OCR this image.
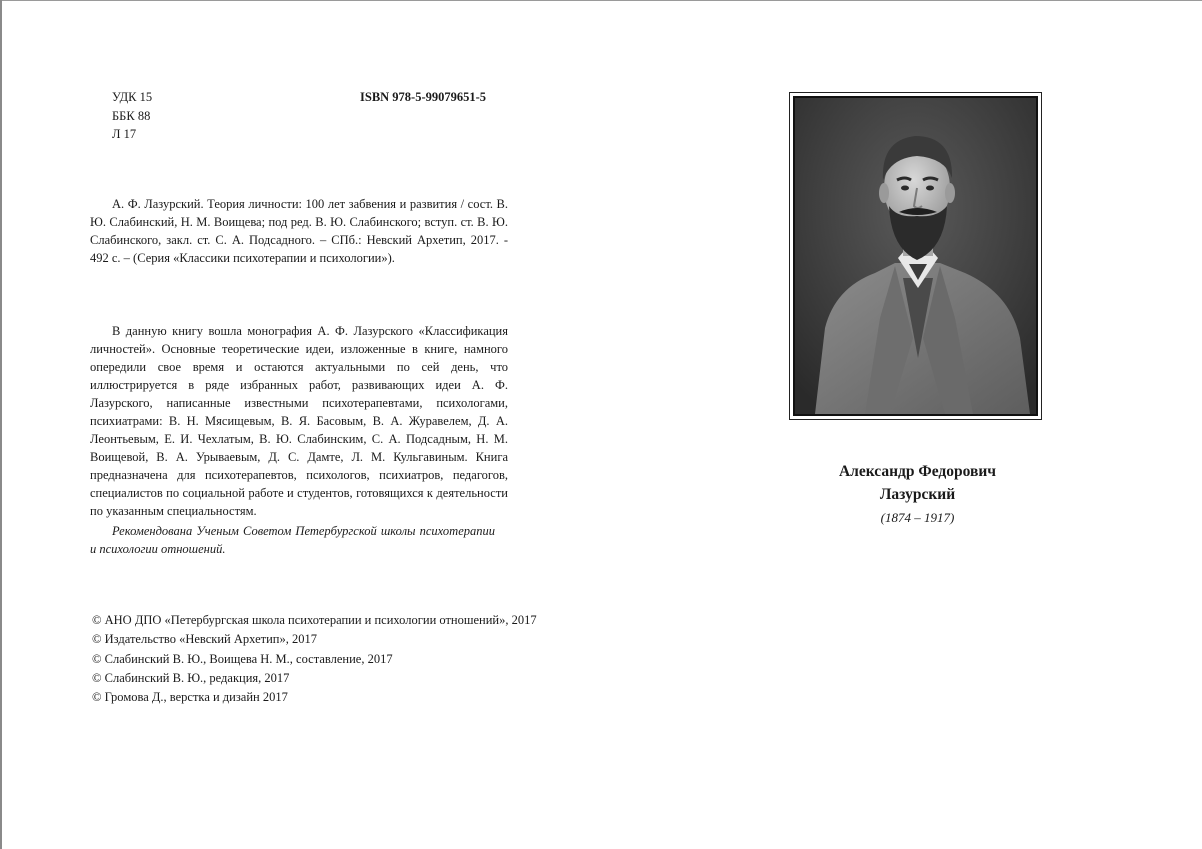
УДК 15
ББК 88
Л 17
ISBN 978-5-99079651-5

А. Ф. Лазурский. Теория личности: 100 лет забвения и развития / сост. В. Ю. Слабинский, Н. М. Воищева; под ред. В. Ю. Слабинского; вступ. ст. В. Ю. Слабинского, закл. ст. С. А. Подсадного. – СПб.: Невский Архетип, 2017. - 492 с. – (Серия «Классики психотерапии и психологии»).

В данную книгу вошла монография А. Ф. Лазурского «Классификация личностей». Основные теоретические идеи, изложенные в книге, намного опередили свое время и остаются актуальными по сей день, что иллюстрируется в ряде избранных работ, развивающих идеи А. Ф. Лазурского, написанные известными психотерапевтами, психологами, психиатрами: В. Н. Мясищевым, В. Я. Басовым, В. А. Журавелем, Д. А. Леонтьевым, Е. И. Чехлатым, В. Ю. Слабинским, С. А. Подсадным, Н. М. Воищевой, В. А. Урываевым, Д. С. Дамте, Л. М. Кульгавиным. Книга предназначена для психотерапевтов, психологов, психиатров, педагогов, специалистов по социальной работе и студентов, готовящихся к деятельности по указанным специальностям.

Рекомендована Ученым Советом Петербургской школы психотерапии и психологии отношений.

© АНО ДПО «Петербургская школа психотерапии и психологии отношений», 2017
© Издательство «Невский Архетип», 2017
© Слабинский В. Ю., Воищева Н. М., составление, 2017
© Слабинский В. Ю., редакция, 2017
© Громова Д., верстка и дизайн 2017
Александр Федорович
Лазурский
(1874 – 1917)
